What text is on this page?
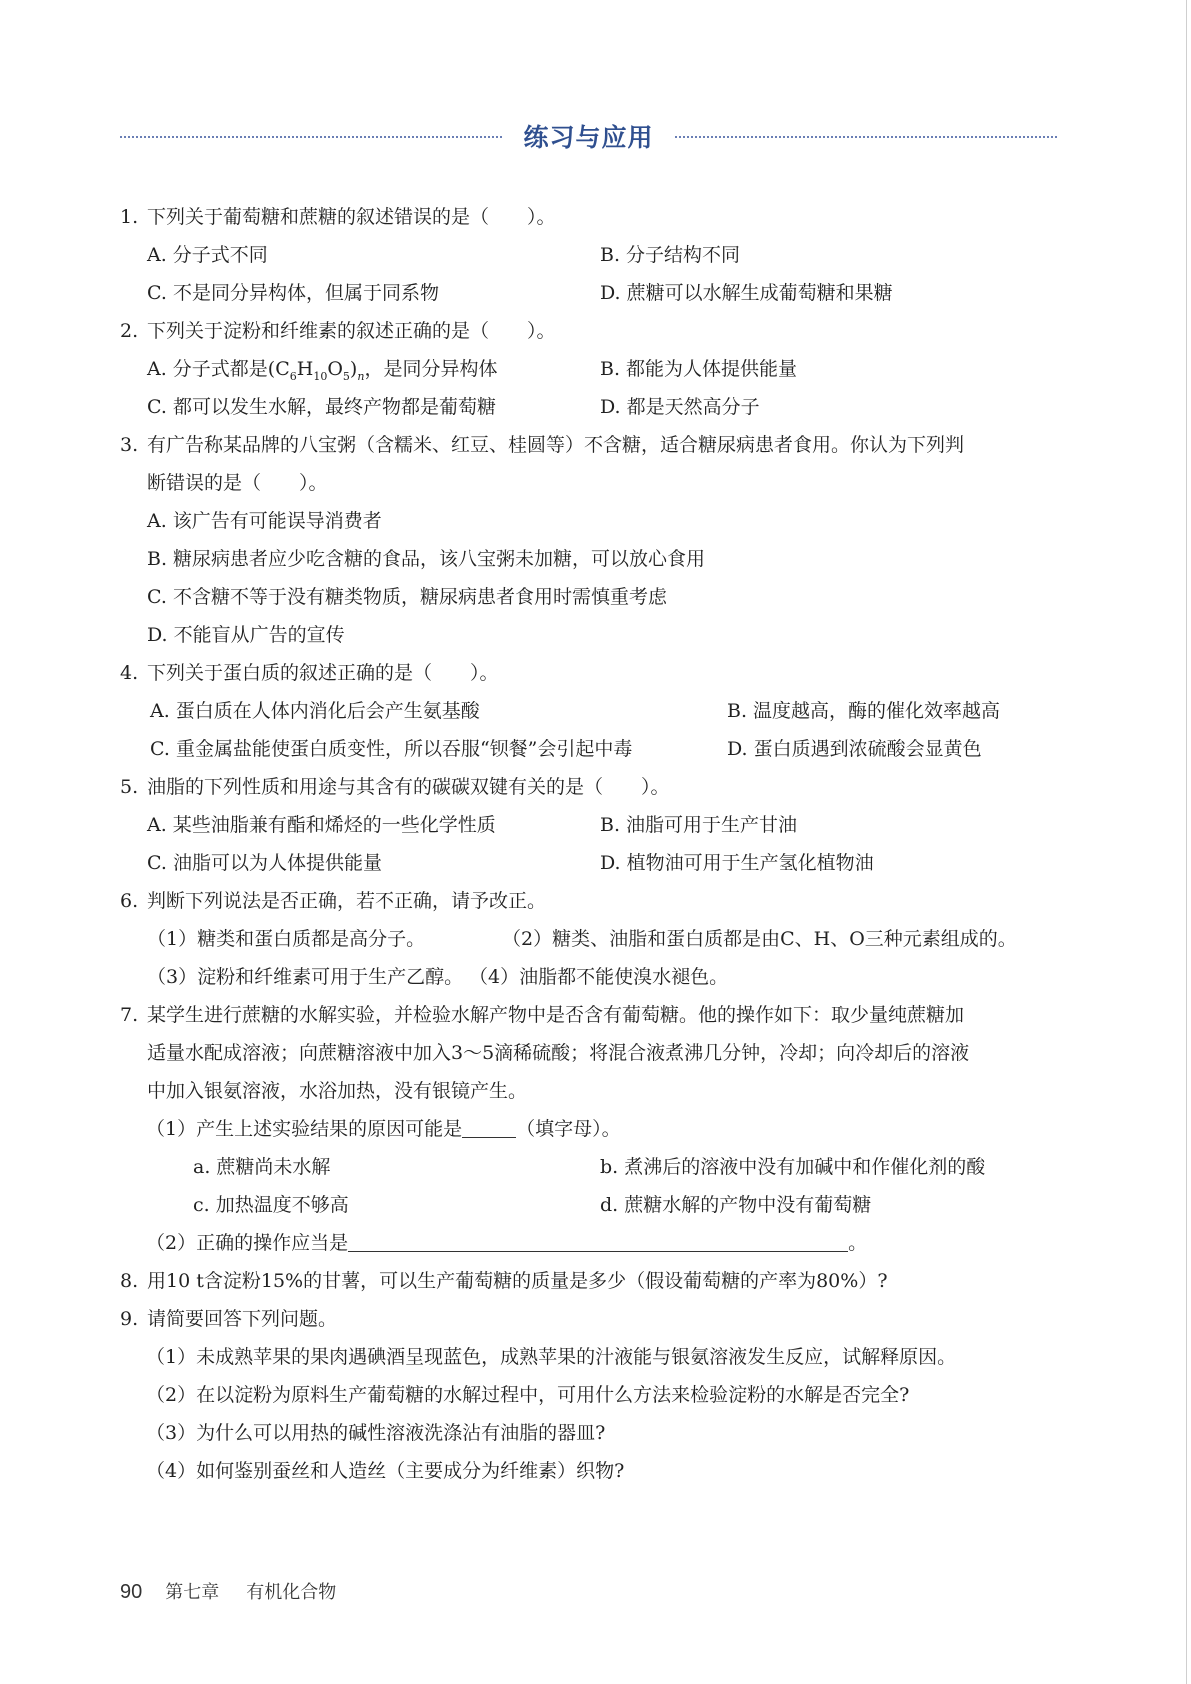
练习与应用
1. 下列关于葡萄糖和蔗糖的叙述错误的是（　　）。
A. 分子式不同	B. 分子结构不同
C. 不是同分异构体，但属于同系物	D. 蔗糖可以水解生成葡萄糖和果糖
2. 下列关于淀粉和纤维素的叙述正确的是（　　）。
A. 分子式都是$(C_6H_{10}O_5)_n$，是同分异构体	B. 都能为人体提供能量
C. 都可以发生水解，最终产物都是葡萄糖	D. 都是天然高分子
3. 有广告称某品牌的八宝粥（含糯米、红豆、桂圆等）不含糖，适合糖尿病患者食用。你认为下列判
断错误的是（　　）。
A. 该广告有可能误导消费者
B. 糖尿病患者应少吃含糖的食品，该八宝粥未加糖，可以放心食用
C. 不含糖不等于没有糖类物质，糖尿病患者食用时需慎重考虑
D. 不能盲从广告的宣传
4. 下列关于蛋白质的叙述正确的是（　　）。
A. 蛋白质在人体内消化后会产生氨基酸	B. 温度越高，酶的催化效率越高
C. 重金属盐能使蛋白质变性，所以吞服“钡餐”会引起中毒	D. 蛋白质遇到浓硫酸会显黄色
5. 油脂的下列性质和用途与其含有的碳碳双键有关的是（　　）。
A. 某些油脂兼有酯和烯烃的一些化学性质	B. 油脂可用于生产甘油
C. 油脂可以为人体提供能量	D. 植物油可用于生产氢化植物油
6. 判断下列说法是否正确，若不正确，请予改正。
（1）糖类和蛋白质都是高分子。	（2）糖类、油脂和蛋白质都是由C、H、O三种元素组成的。
（3）淀粉和纤维素可用于生产乙醇。 （4）油脂都不能使溴水褪色。
7. 某学生进行蔗糖的水解实验，并检验水解产物中是否含有葡萄糖。他的操作如下：取少量纯蔗糖加
适量水配成溶液；向蔗糖溶液中加入3～5滴稀硫酸；将混合液煮沸几分钟，冷却；向冷却后的溶液
中加入银氨溶液，水浴加热，没有银镜产生。
（1）产生上述实验结果的原因可能是	（填字母）。
a. 蔗糖尚未水解	b. 煮沸后的溶液中没有加碱中和作催化剂的酸
c. 加热温度不够高	d. 蔗糖水解的产物中没有葡萄糖
（2）正确的操作应当是	。
8. 用10 t含淀粉15%的甘薯，可以生产葡萄糖的质量是多少（假设葡萄糖的产率为80%）?
9. 请简要回答下列问题。
（1）未成熟苹果的果肉遇碘酒呈现蓝色，成熟苹果的汁液能与银氨溶液发生反应，试解释原因。
（2）在以淀粉为原料生产葡萄糖的水解过程中，可用什么方法来检验淀粉的水解是否完全?
（3）为什么可以用热的碱性溶液洗涤沾有油脂的器皿?
（4）如何鉴别蚕丝和人造丝（主要成分为纤维素）织物?
90 第七章 有机化合物
